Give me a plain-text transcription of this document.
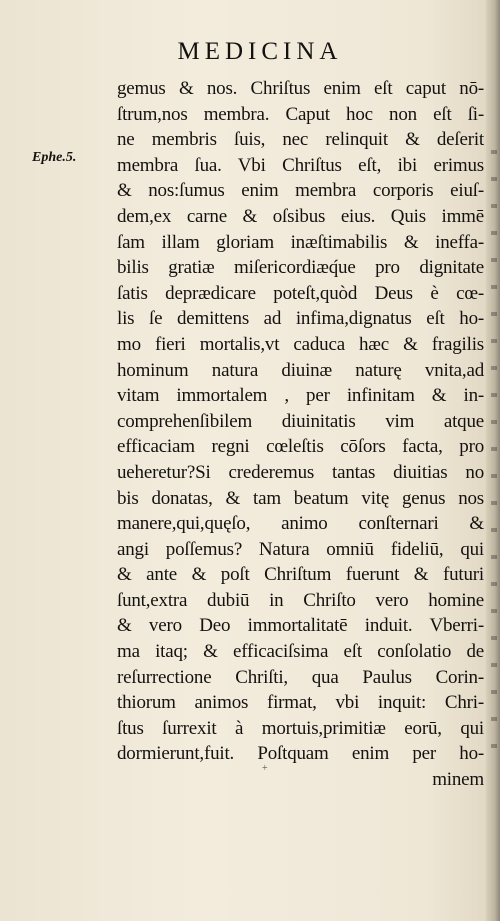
MEDICINA
Ephe.5.
gemus & nos. Chriſtus enim eſt caput nō-
ſtrum,nos membra. Caput hoc non eſt ſi-
ne membris ſuis, nec relinquit & deſerit
membra ſua. Vbi Chriſtus eſt, ibi erimus
& nos:ſumus enim membra corporis eiuſ-
dem,ex carne & oſsibus eius. Quis immē
ſam illam gloriam inæſtimabilis & ineffa-
bilis gratiæ miſericordiæq́ue pro dignitate
ſatis deprædicare poteſt,quòd Deus è cœ-
lis ſe demittens ad infima,dignatus eſt ho-
mo fieri mortalis,vt caduca hæc & fragilis
hominum natura diuinæ naturę vnita,ad
vitam immortalem , per infinitam & in-
comprehenſibilem diuinitatis vim atque
efficaciam regni cœleſtis cōſors facta, pro
ueheretur?Si crederemus tantas diuitias no
bis donatas, & tam beatum vitę genus nos
manere,qui,quęſo, animo conſternari &
angi poſſemus? Natura omniū fideliū, qui
& ante & poſt Chriſtum fuerunt & futuri
ſunt,extra dubiū in Chriſto vero homine
& vero Deo immortalitatē induit. Vberri-
ma itaq; & efficaciſsima eſt conſolatio de
reſurrectione Chriſti, qua Paulus Corin-
thiorum animos firmat, vbi inquit: Chri-
ſtus ſurrexit à mortuis,primitiæ eorū, qui
dormierunt,fuit. Poſtquam enim per ho-
minem
+
